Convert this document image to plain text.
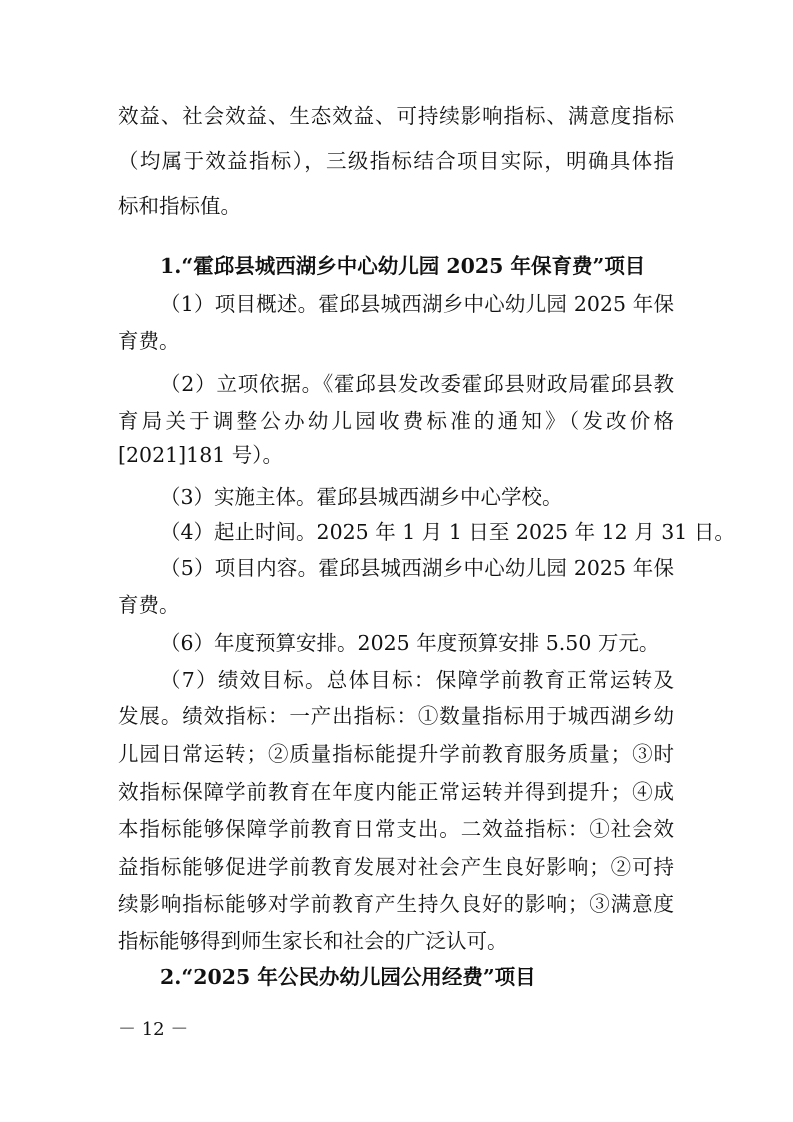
效益、社会效益、生态效益、可持续影响指标、满意度指标
（均属于效益指标），三级指标结合项目实际，明确具体指
标和指标值。
1.“霍邱县城西湖乡中心幼儿园 2025 年保育费”项目
（1）项目概述。霍邱县城西湖乡中心幼儿园 2025 年保
育费。
（2）立项依据。《霍邱县发改委霍邱县财政局霍邱县教
育局关于调整公办幼儿园收费标准的通知》（发改价格
[2021]181 号）。
（3）实施主体。霍邱县城西湖乡中心学校。
（4）起止时间。2025 年 1 月 1 日至 2025 年 12 月 31 日。
（5）项目内容。霍邱县城西湖乡中心幼儿园 2025 年保
育费。
（6）年度预算安排。2025 年度预算安排 5.50 万元。
（7）绩效目标。总体目标：保障学前教育正常运转及
发展。绩效指标：一产出指标：①数量指标用于城西湖乡幼
儿园日常运转；②质量指标能提升学前教育服务质量；③时
效指标保障学前教育在年度内能正常运转并得到提升；④成
本指标能够保障学前教育日常支出。二效益指标：①社会效
益指标能够促进学前教育发展对社会产生良好影响；②可持
续影响指标能够对学前教育产生持久良好的影响；③满意度
指标能够得到师生家长和社会的广泛认可。
2.“2025 年公民办幼儿园公用经费”项目
－ 12 －
